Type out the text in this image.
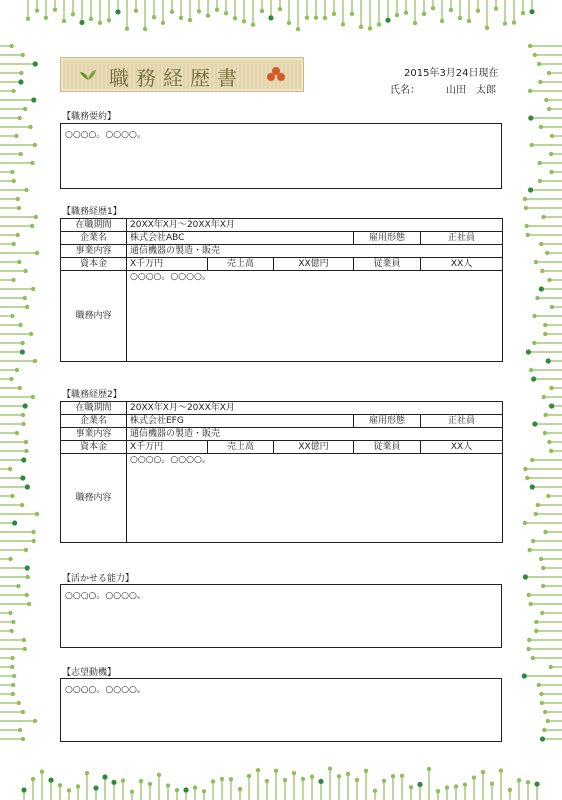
職務経歴書	2015年3月24日現在
氏名：	山田　太郎
【職務要約】
○○○○。○○○○。
【職務経歴1】
在職期間	20XX年X月～20XX年X月				
企業名	株式会社ABC			雇用形態	正社員
事業内容	通信機器の製造・販売				
資本金	X千万円	売上高	XX億円	従業員	XX人
職務内容	○○○○。○○○○。				
【職務経歴2】
在職期間	20XX年X月～20XX年X月				
企業名	株式会社EFG			雇用形態	正社員
事業内容	通信機器の製造・販売				
資本金	X千万円	売上高	XX億円	従業員	XX人
職務内容	○○○○。○○○○。				
【活かせる能力】
○○○○。○○○○。
【志望動機】
○○○○。○○○○。
